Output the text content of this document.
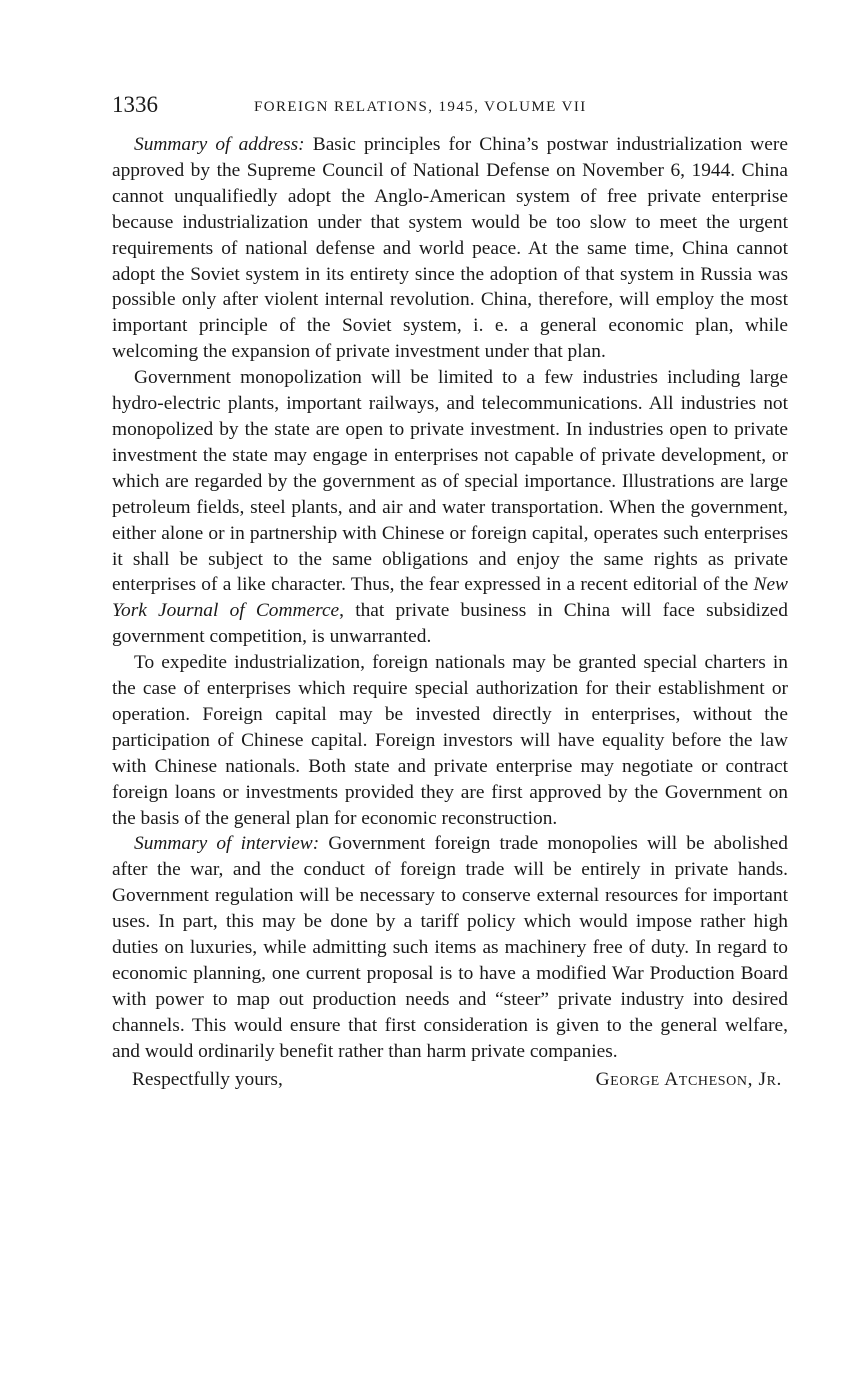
1336	FOREIGN RELATIONS, 1945, VOLUME VII

Summary of address: Basic principles for China’s postwar industrialization were approved by the Supreme Council of National Defense on November 6, 1944. China cannot unqualifiedly adopt the Anglo-American system of free private enterprise because industrialization under that system would be too slow to meet the urgent requirements of national defense and world peace. At the same time, China cannot adopt the Soviet system in its entirety since the adoption of that system in Russia was possible only after violent internal revolution. China, therefore, will employ the most important principle of the Soviet system, i. e. a general economic plan, while welcoming the expansion of private investment under that plan.

Government monopolization will be limited to a few industries including large hydro-electric plants, important railways, and telecommunications. All industries not monopolized by the state are open to private investment. In industries open to private investment the state may engage in enterprises not capable of private development, or which are regarded by the government as of special importance. Illustrations are large petroleum fields, steel plants, and air and water transportation. When the government, either alone or in partnership with Chinese or foreign capital, operates such enterprises it shall be subject to the same obligations and enjoy the same rights as private enterprises of a like character. Thus, the fear expressed in a recent editorial of the New York Journal of Commerce, that private business in China will face subsidized government competition, is unwarranted.

To expedite industrialization, foreign nationals may be granted special charters in the case of enterprises which require special authorization for their establishment or operation. Foreign capital may be invested directly in enterprises, without the participation of Chinese capital. Foreign investors will have equality before the law with Chinese nationals. Both state and private enterprise may negotiate or contract foreign loans or investments provided they are first approved by the Government on the basis of the general plan for economic reconstruction.

Summary of interview: Government foreign trade monopolies will be abolished after the war, and the conduct of foreign trade will be entirely in private hands. Government regulation will be necessary to conserve external resources for important uses. In part, this may be done by a tariff policy which would impose rather high duties on luxuries, while admitting such items as machinery free of duty. In regard to economic planning, one current proposal is to have a modified War Production Board with power to map out production needs and “steer” private industry into desired channels. This would ensure that first consideration is given to the general welfare, and would ordinarily benefit rather than harm private companies.

Respectfully yours,	George Atcheson, Jr.
